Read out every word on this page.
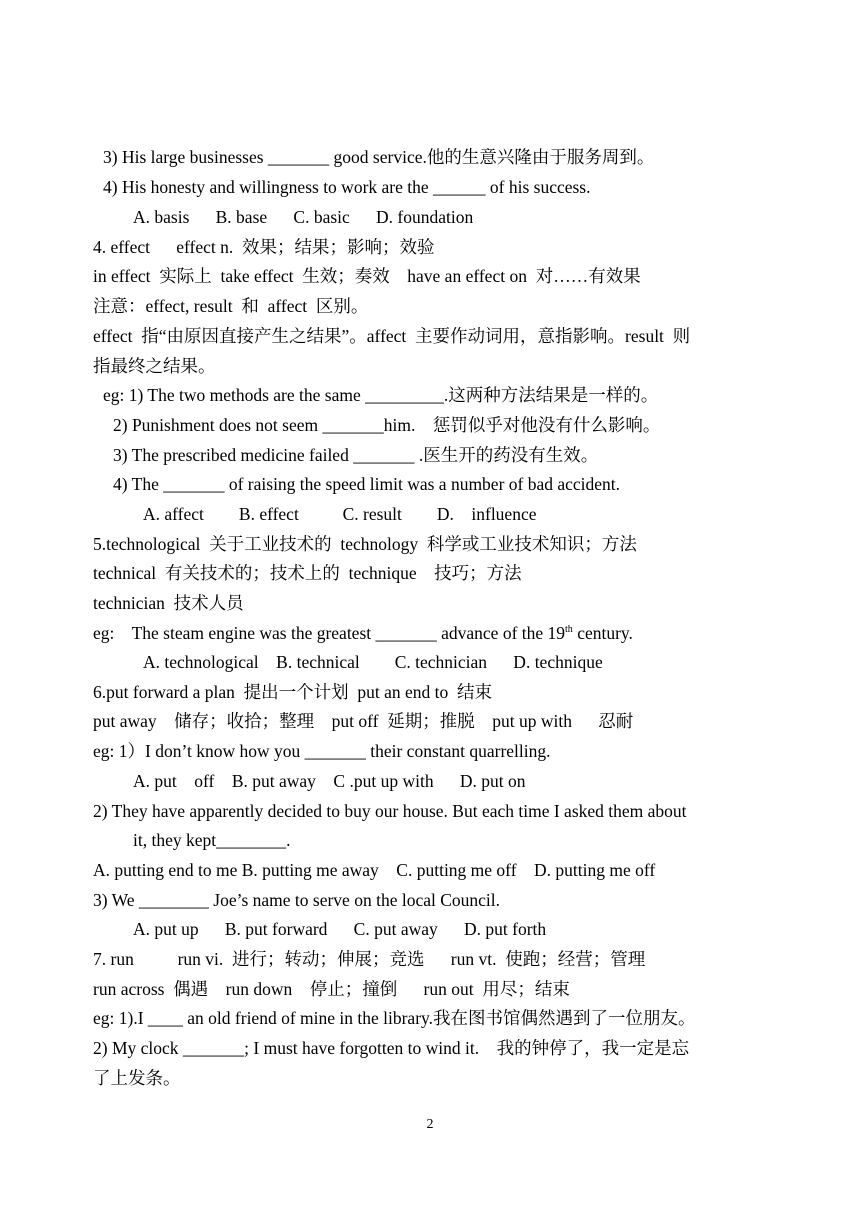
3) His large businesses _______ good service.他的生意兴隆由于服务周到。
4) His honesty and willingness to work are the ______ of his success.
A. basis      B. base      C. basic      D. foundation
4. effect      effect n.  效果；结果；影响；效验
in effect  实际上  take effect  生效；奏效    have an effect on  对……有效果
注意：effect, result  和  affect  区别。
effect  指“由原因直接产生之结果”。affect  主要作动词用，意指影响。result  则
指最终之结果。
eg: 1) The two methods are the same _________.这两种方法结果是一样的。
2) Punishment does not seem _______him.    惩罚似乎对他没有什么影响。
3) The prescribed medicine failed _______ .医生开的药没有生效。
4) The _______ of raising the speed limit was a number of bad accident.
A. affect        B. effect          C. result        D.    influence
5.technological  关于工业技术的  technology  科学或工业技术知识；方法
technical  有关技术的；技术上的  technique    技巧；方法
technician  技术人员
eg:    The steam engine was the greatest _______ advance of the 19th century.
A. technological    B. technical        C. technician      D. technique
6.put forward a plan  提出一个计划  put an end to  结束
put away    储存；收拾；整理    put off  延期；推脱    put up with      忍耐
eg: 1）I don’t know how you _______ their constant quarrelling.
A. put    off    B. put away    C .put up with      D. put on
2) They have apparently decided to buy our house. But each time I asked them about
it, they kept________.
A. putting end to me B. putting me away    C. putting me off    D. putting me off
3) We ________ Joe’s name to serve on the local Council.
A. put up      B. put forward      C. put away      D. put forth
7. run          run vi.  进行；转动；伸展；竞选      run vt.  使跑；经营；管理
run across  偶遇    run down    停止；撞倒      run out  用尽；结束
eg: 1).I ____ an old friend of mine in the library.我在图书馆偶然遇到了一位朋友。
2) My clock _______; I must have forgotten to wind it.    我的钟停了，我一定是忘
了上发条。
2
